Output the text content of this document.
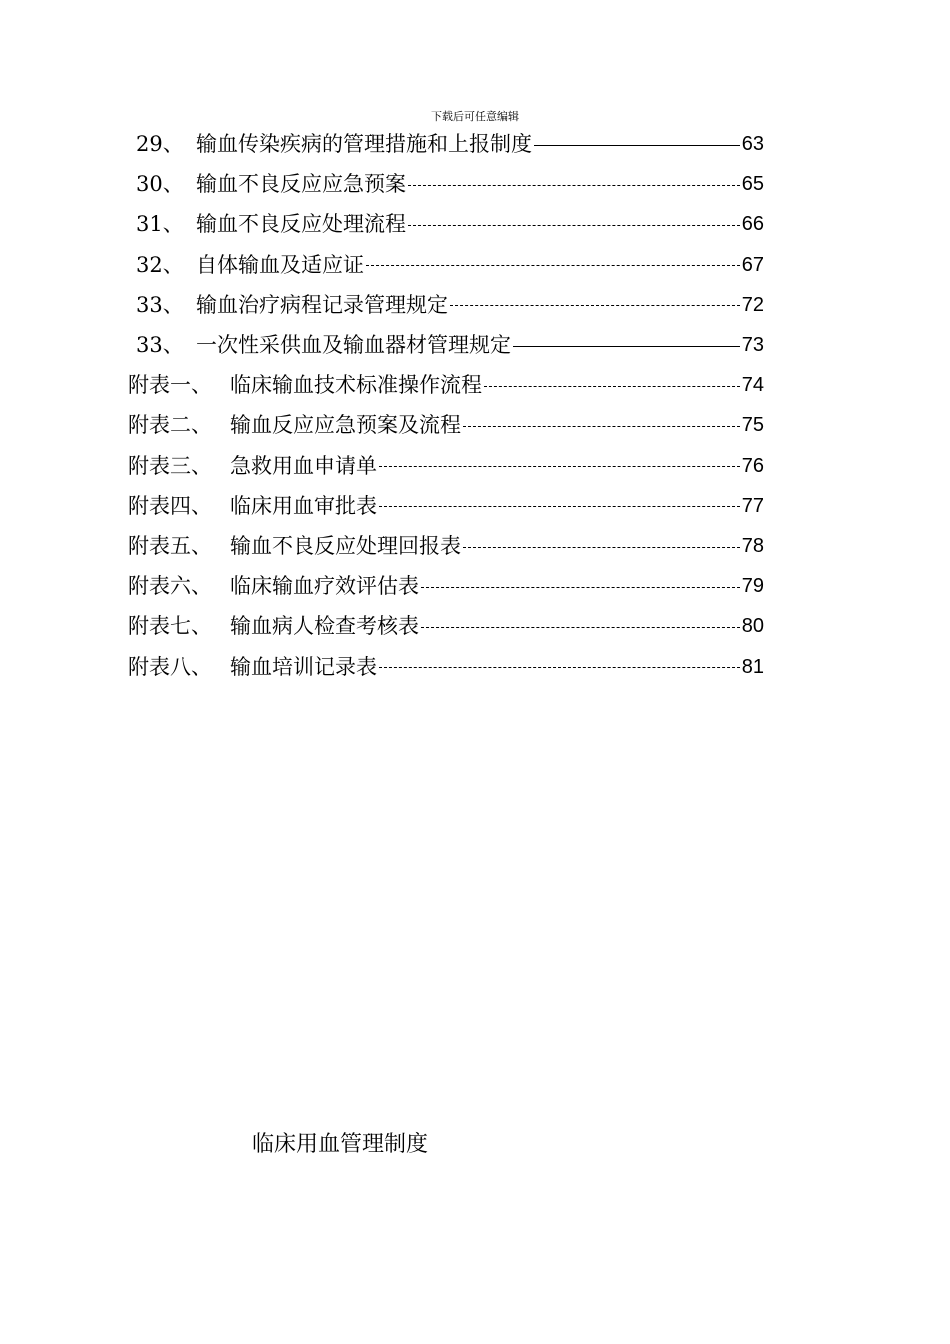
下载后可任意编辑
29、 输血传染疾病的管理措施和上报制度	63
30、 输血不良反应应急预案	65
31、 输血不良反应处理流程	66
32、 自体输血及适应证	67
33、 输血治疗病程记录管理规定	72
33、 一次性采供血及输血器材管理规定	73
附表一、 临床输血技术标准操作流程	74
附表二、 输血反应应急预案及流程	75
附表三、 急救用血申请单	76
附表四、 临床用血审批表	77
附表五、 输血不良反应处理回报表	78
附表六、 临床输血疗效评估表	79
附表七、 输血病人检查考核表	80
附表八、 输血培训记录表	81
临床用血管理制度
